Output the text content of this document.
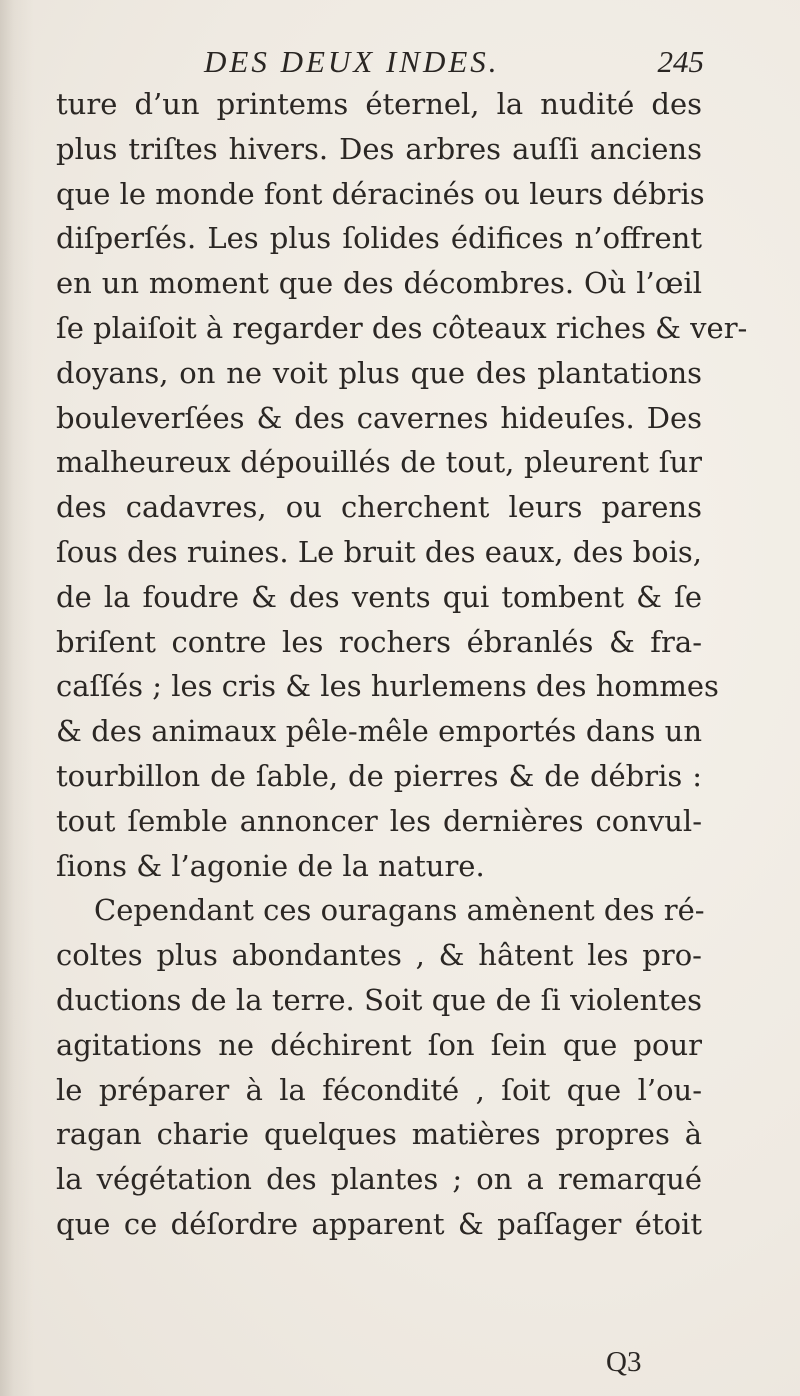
DES DEUX INDES.	245
ture d’un printems éternel, la nudité des
plus triſtes hivers. Des arbres auſſi anciens
que le monde font déracinés ou leurs débris
diſperſés. Les plus ſolides édifices n’offrent
en un moment que des décombres. Où l’œil
ſe plaiſoit à regarder des côteaux riches & ver-
doyans, on ne voit plus que des plantations
bouleverſées & des cavernes hideuſes. Des
malheureux dépouillés de tout, pleurent ſur
des cadavres, ou cherchent leurs parens
ſous des ruines. Le bruit des eaux, des bois,
de la foudre & des vents qui tombent & ſe
briſent contre les rochers ébranlés & fra-
caſſés ; les cris & les hurlemens des hommes
& des animaux pêle-mêle emportés dans un
tourbillon de ſable, de pierres & de débris :
tout ſemble annoncer les dernières convul-
ſions & l’agonie de la nature.
Cependant ces ouragans amènent des ré-
coltes plus abondantes , & hâtent les pro-
ductions de la terre. Soit que de ſi violentes
agitations ne déchirent ſon ſein que pour
le préparer à la fécondité , ſoit que l’ou-
ragan charie quelques matières propres à
la végétation des plantes ; on a remarqué
que ce déſordre apparent & paſſager étoit
Q3
